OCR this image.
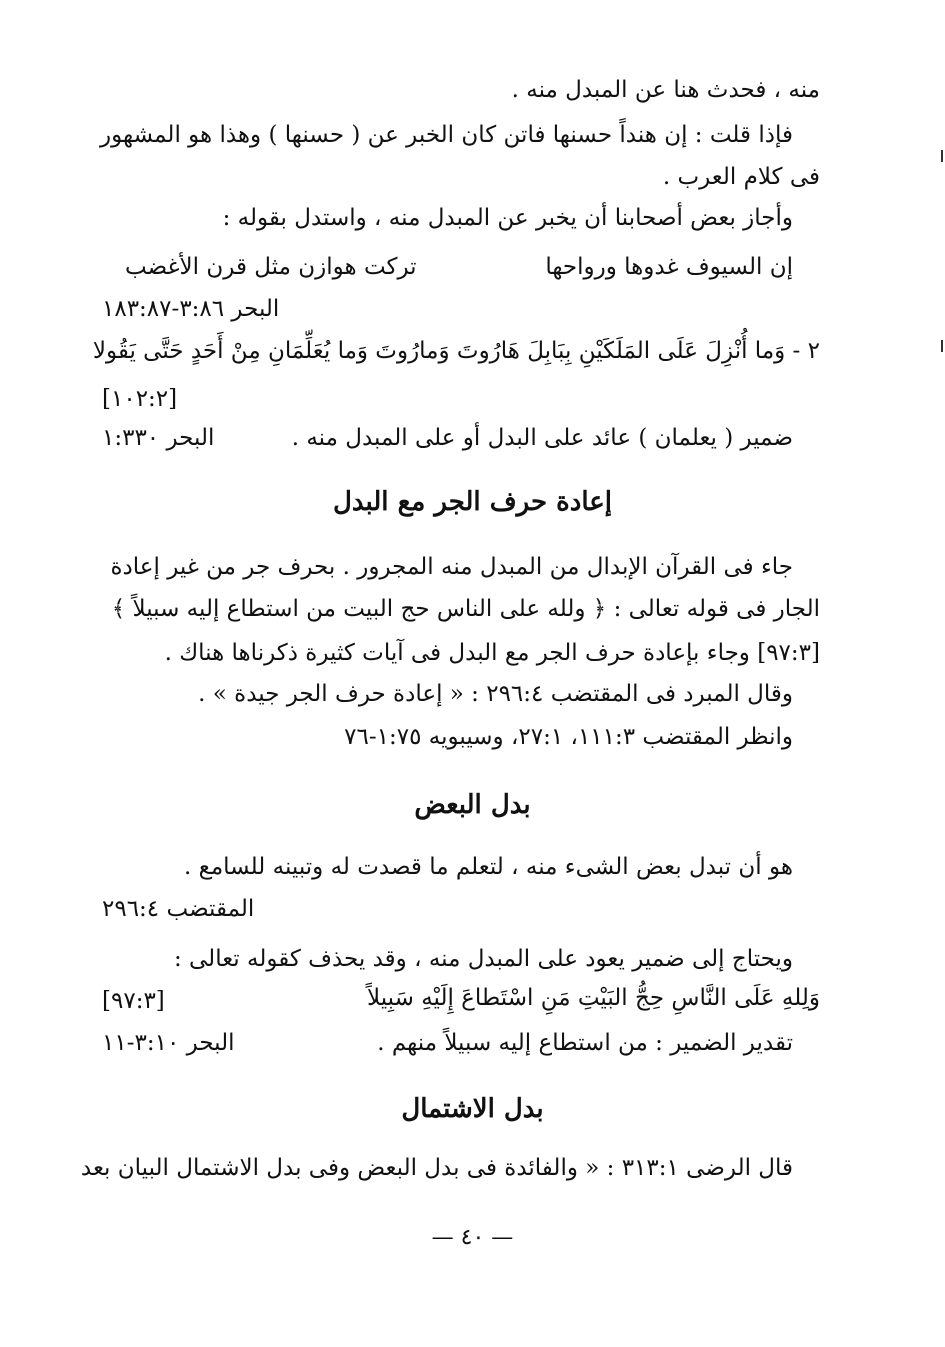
منه ، فحدث هنا عن المبدل منه .
فإذا قلت : إن هنداً حسنها فاتن كان الخبر عن ( حسنها ) وهذا هو المشهور
فى كلام العرب .
وأجاز بعض أصحابنا أن يخبر عن المبدل منه ، واستدل بقوله :
إن السيوف غدوها ورواحها
تركت هوازن مثل قرن الأغضب
البحر ٣:٨٦-١٨٣:٨٧
٢ - وَما أُنْزِلَ عَلَى المَلَكَيْنِ بِبَابِلَ هَارُوتَ وَمارُوتَ وَما يُعَلِّمَانِ مِنْ أَحَدٍ حَتَّى يَقُولا
[١٠٢:٢]
ضمير ( يعلمان ) عائد على البدل أو على المبدل منه .
البحر ١:٣٣٠
إعادة حرف الجر مع البدل
جاء فى القرآن الإبدال من المبدل منه المجرور . بحرف جر من غير إعادة
الجار فى قوله تعالى : ﴿ ولله على الناس حج البيت من استطاع إليه سبيلاً ﴾
[٩٧:٣] وجاء بإعادة حرف الجر مع البدل فى آيات كثيرة ذكرناها هناك .
وقال المبرد فى المقتضب ٢٩٦:٤ : « إعادة حرف الجر جيدة » .
وانظر المقتضب ١١١:٣، ٢٧:١، وسيبويه ١:٧٥-٧٦
بدل البعض
هو أن تبدل بعض الشىء منه ، لتعلم ما قصدت له وتبينه للسامع .
المقتضب ٢٩٦:٤
ويحتاج إلى ضمير يعود على المبدل منه ، وقد يحذف كقوله تعالى :
وَلِلهِ عَلَى النَّاسِ حِجُّ البَيْتِ مَنِ اسْتَطاعَ إِلَيْهِ سَبِيلاً
[٩٧:٣]
تقدير الضمير : من استطاع إليه سبيلاً منهم .
البحر ٣:١٠-١١
بدل الاشتمال
قال الرضى ٣١٣:١ : « والفائدة فى بدل البعض وفى بدل الاشتمال البيان بعد
— ٤٠ —
